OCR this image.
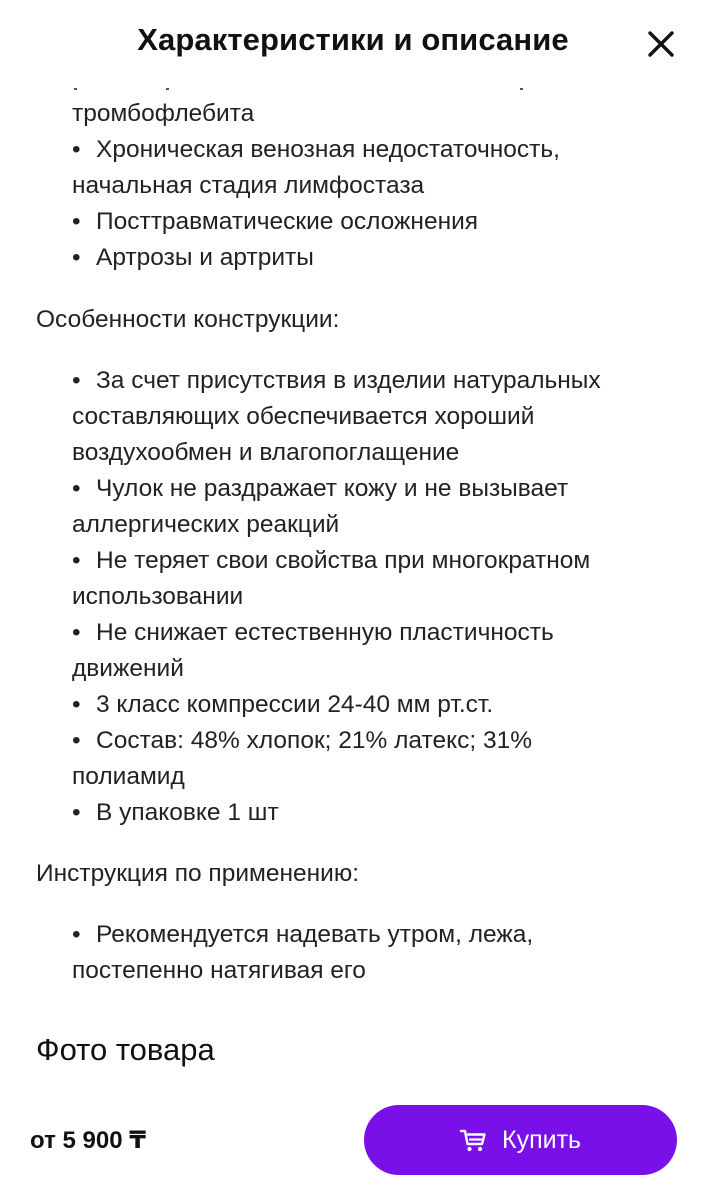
Характеристики и описание
тромбофлебита
• Хроническая венозная недостаточность,
начальная стадия лимфостаза
• Посттравматические осложнения
• Артрозы и артриты
Особенности конструкции:
• За счет присутствия в изделии натуральных
составляющих обеспечивается хороший
воздухообмен и влагопоглащение
• Чулок не раздражает кожу и не вызывает
аллергических реакций
• Не теряет свои свойства при многократном
использовании
• Не снижает естественную пластичность
движений
• 3 класс компрессии 24-40 мм рт.ст.
• Состав: 48% хлопок; 21% латекс; 31%
полиамид
• В упаковке 1 шт
Инструкция по применению:
• Рекомендуется надевать утром, лежа,
постепенно натягивая его
Фото товара
от 5 900 ₸	Купить
